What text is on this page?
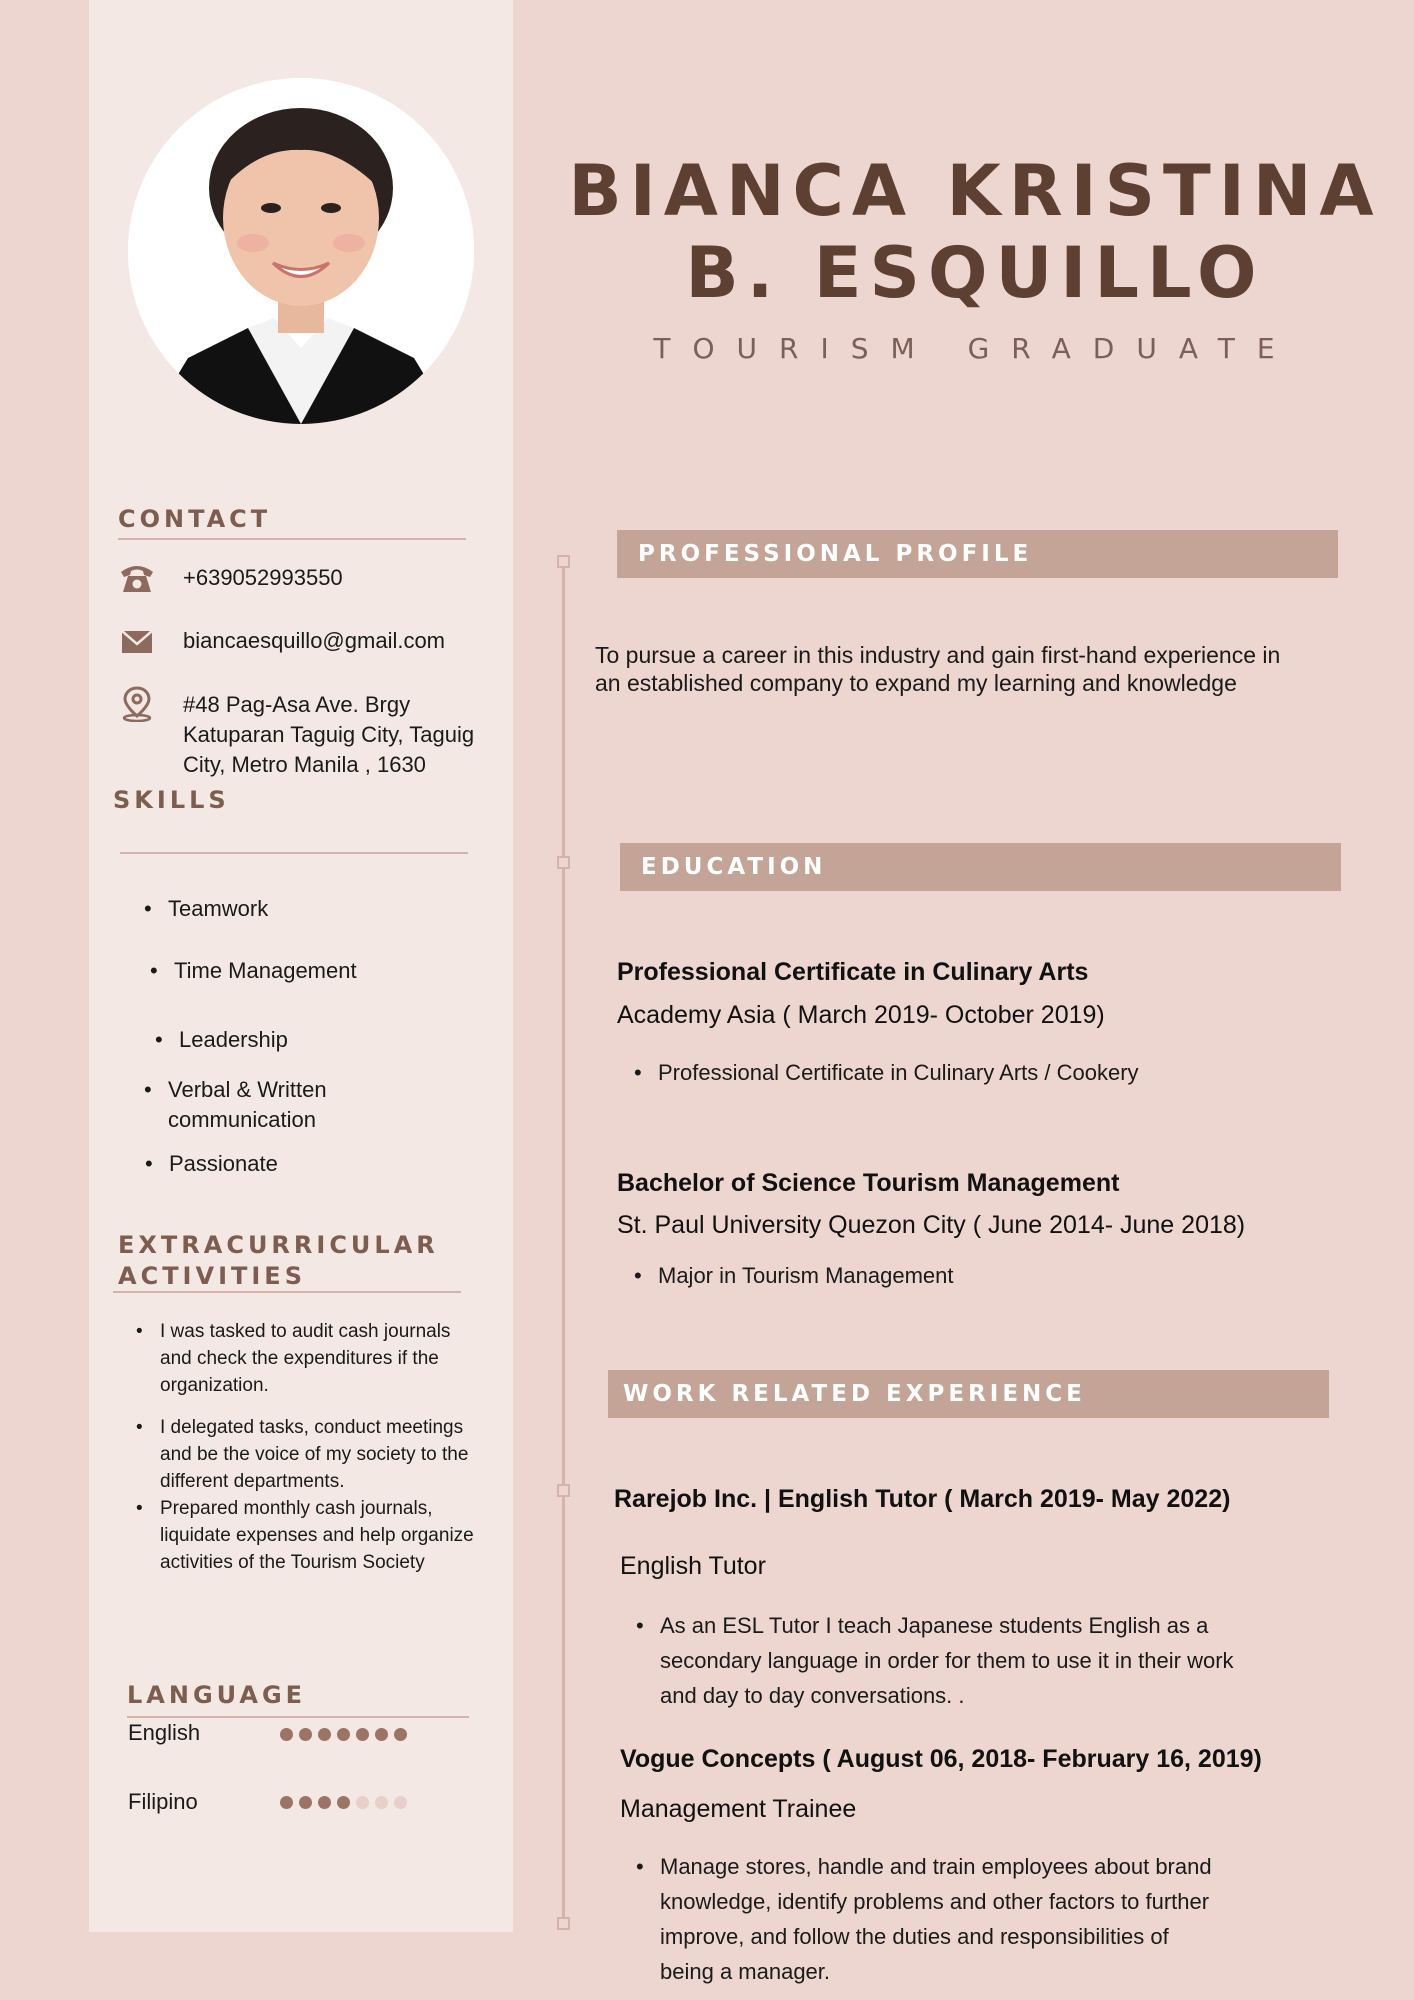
BIANCA KRISTINA
B. ESQUILLO
TOURISM GRADUATE
CONTACT
+639052993550
biancaesquillo@gmail.com
#48 Pag-Asa Ave. Brgy
Katuparan Taguig City, Taguig
City, Metro Manila , 1630
SKILLS
• Teamwork
• Time Management
• Leadership
• Verbal & Written communication
• Passionate
EXTRACURRICULAR
ACTIVITIES
• I was tasked to audit cash journals and check the expenditures if the organization.
• I delegated tasks, conduct meetings and be the voice of my society to the different departments.
• Prepared monthly cash journals, liquidate expenses and help organize activities of the Tourism Society
LANGUAGE
English
Filipino
PROFESSIONAL PROFILE
To pursue a career in this industry and gain first-hand experience in
an established company to expand my learning and knowledge
EDUCATION
Professional Certificate in Culinary Arts
Academy Asia ( March 2019- October 2019)
• Professional Certificate in Culinary Arts / Cookery
Bachelor of Science Tourism Management
St. Paul University Quezon City ( June 2014- June 2018)
• Major in Tourism Management
WORK RELATED EXPERIENCE
Rarejob Inc. | English Tutor ( March 2019- May 2022)
English Tutor
• As an ESL Tutor I teach Japanese students English as a
secondary language in order for them to use it in their work
and day to day conversations. .
Vogue Concepts ( August 06, 2018- February 16, 2019)
Management Trainee
• Manage stores, handle and train employees about brand
knowledge, identify problems and other factors to further
improve, and follow the duties and responsibilities of
being a manager.
